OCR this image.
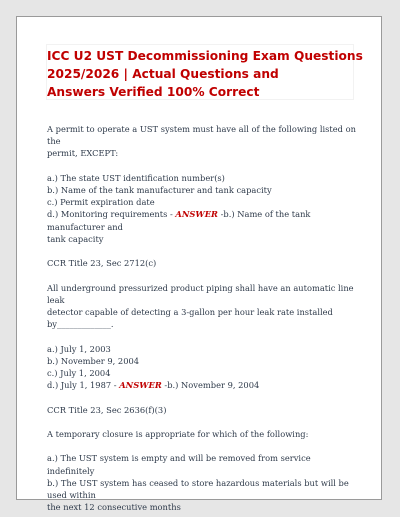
ICC U2 UST Decommissioning Exam Questions
2025/2026 | Actual Questions and
Answers Verified 100% Correct

A permit to operate a UST system must have all of the following listed on the

permit, EXCEPT:

a.) The state UST identification number(s)

b.) Name of the tank manufacturer and tank capacity

c.) Permit expiration date

d.) Monitoring requirements - ANSWER -b.) Name of the tank manufacturer and

tank capacity

CCR Title 23, Sec 2712(c)

All underground pressurized product piping shall have an automatic line leak

detector capable of detecting a 3-gallon per hour leak rate installed

by_____________.

a.) July 1, 2003

b.) November 9, 2004

c.) July 1, 2004

d.) July 1, 1987 - ANSWER -b.) November 9, 2004

CCR Title 23, Sec 2636(f)(3)

A temporary closure is appropriate for which of the following:

a.) The UST system is empty and will be removed from service indefinitely

b.) The UST system has ceased to store hazardous materials but will be used within

the next 12 consecutive months
